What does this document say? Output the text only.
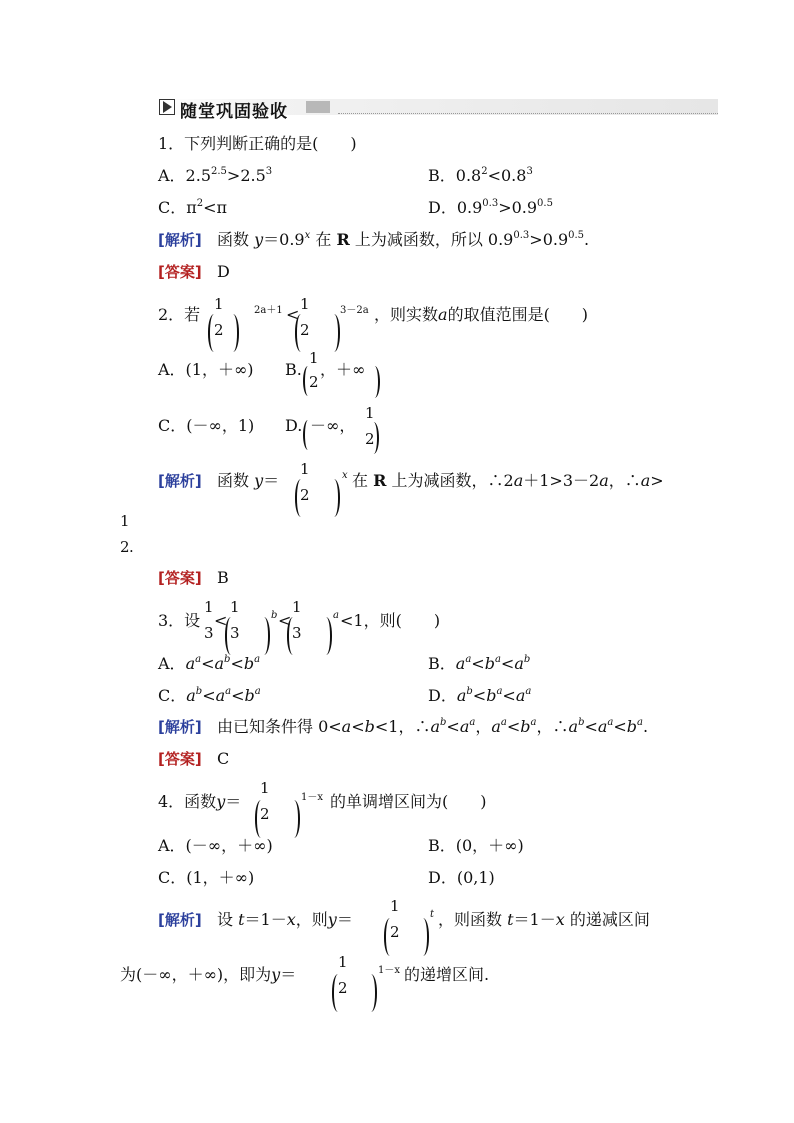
随堂巩固验收
1．下列判断正确的是(　　)
A．$2.5^{2.5}>2.5^3$	B．$0.8^2<0.8^3$
C．$\pi^2<\pi$	D．$0.9^{0.3}>0.9^{0.5}$
[解析] 函数 $y=0.9^x$ 在 R 上为减函数，所以 $0.9^{0.3}>0.9^{0.5}$.
[答案] D
2．若
1
2
2a＋1 <
1
2
3－2a ，则实数a的取值范围是(　　)
A．(1，＋∞) B.
1
2
，＋∞
C．(－∞，1) D. －∞，
1
2
[解析] 函数 y＝
1
2
x 在 R 上为减函数，∴2a＋1>3－2a，∴a>
1
2 .
[答案] B
3．设
1
3
<
1
3
b <
1
3
a <1，则(　　)
A．$a^a<a^b<b^a$	B．$a^a<b^a<a^b$
C．$a^b<a^a<b^a$	D．$a^b<b^a<a^a$
[解析] 由已知条件得 0<a<b<1，$\therefore a^b<a^a$，$a^a<b^a$，$\therefore a^b<a^a<b^a$.
[答案] C
4．函数y＝
1
2
1－x 的单调增区间为(　　)
A．(－∞，＋∞)	B．(0，＋∞)
C．(1，＋∞)	D．(0,1)
[解析] 设 t＝1－x，则y＝
1
2
t ，则函数 t＝1－x 的递减区间
为(－∞，＋∞)，即为y＝
1
2
1－x 的递增区间.
